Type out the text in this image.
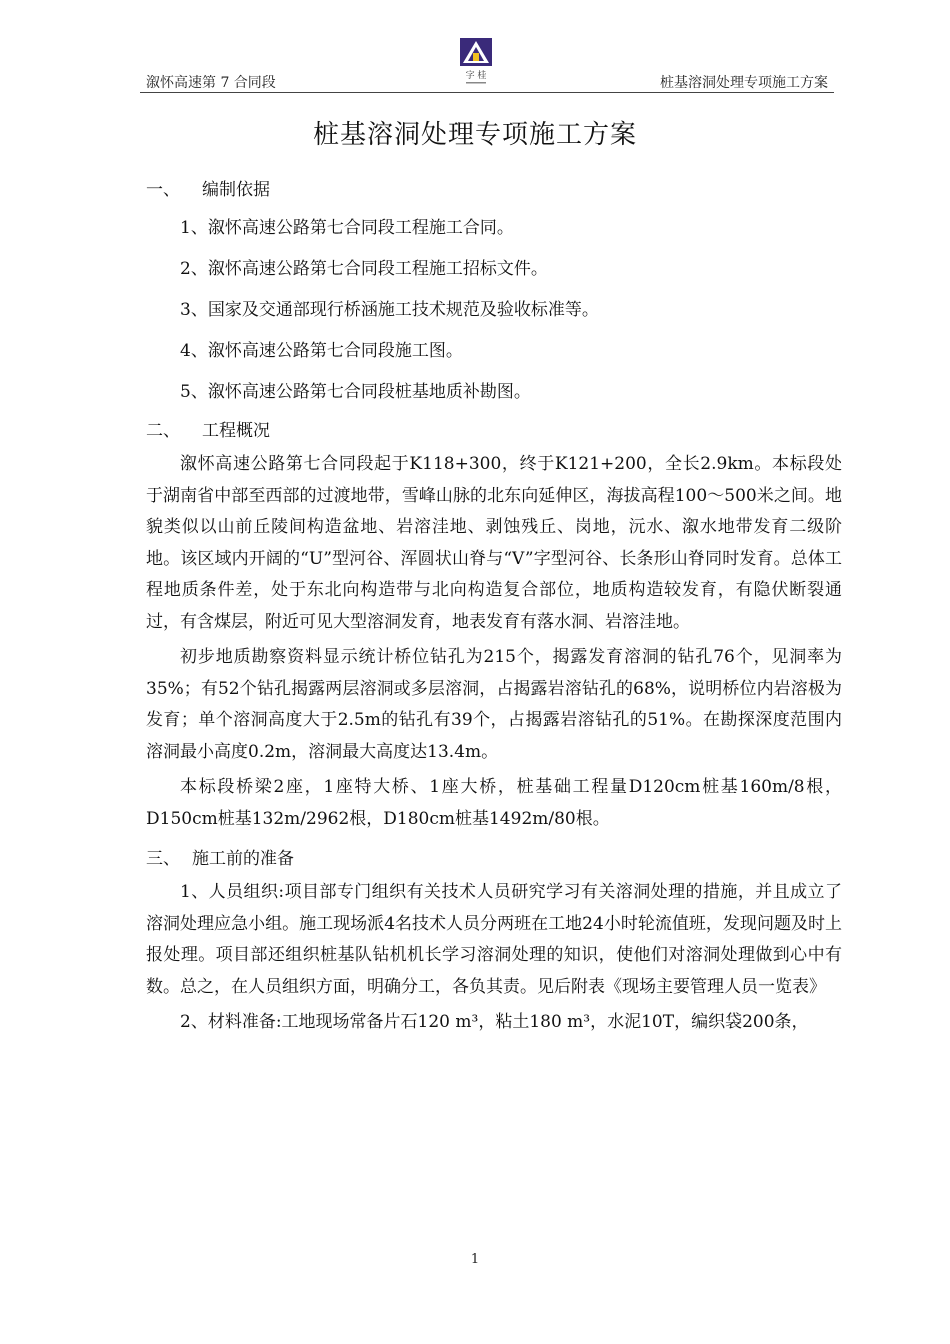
溆怀高速第 7 合同段	字 桂	桩基溶洞处理专项施工方案
桩基溶洞处理专项施工方案
一、 编制依据
1、溆怀高速公路第七合同段工程施工合同。
2、溆怀高速公路第七合同段工程施工招标文件。
3、国家及交通部现行桥涵施工技术规范及验收标准等。
4、溆怀高速公路第七合同段施工图。
5、溆怀高速公路第七合同段桩基地质补勘图。
二、 工程概况

溆怀高速公路第七合同段起于K118+300，终于K121+200，全长2.9km。本标段处于湖南省中部至西部的过渡地带，雪峰山脉的北东向延伸区，海拔高程100～500米之间。地貌类似以山前丘陵间构造盆地、岩溶洼地、剥蚀残丘、岗地，沅水、溆水地带发育二级阶地。该区域内开阔的“U”型河谷、浑圆状山脊与“V”字型河谷、长条形山脊同时发育。总体工程地质条件差，处于东北向构造带与北向构造复合部位，地质构造较发育，有隐伏断裂通过，有含煤层，附近可见大型溶洞发育，地表发育有落水洞、岩溶洼地。

初步地质勘察资料显示统计桥位钻孔为215个，揭露发育溶洞的钻孔76个，见洞率为35%；有52个钻孔揭露两层溶洞或多层溶洞，占揭露岩溶钻孔的68%，说明桥位内岩溶极为发育；单个溶洞高度大于2.5m的钻孔有39个，占揭露岩溶钻孔的51%。在勘探深度范围内溶洞最小高度0.2m，溶洞最大高度达13.4m。

本标段桥梁2座，1座特大桥、1座大桥，桩基础工程量D120cm桩基160m/8根，D150cm桩基132m/2962根，D180cm桩基1492m/80根。

三、 施工前的准备

1、人员组织:项目部专门组织有关技术人员研究学习有关溶洞处理的措施，并且成立了溶洞处理应急小组。施工现场派4名技术人员分两班在工地24小时轮流值班，发现问题及时上报处理。项目部还组织桩基队钻机机长学习溶洞处理的知识，使他们对溶洞处理做到心中有数。总之，在人员组织方面，明确分工，各负其责。见后附表《现场主要管理人员一览表》

2、材料准备:工地现场常备片石120 m³，粘土180 m³，水泥10T，编织袋200条，

1
